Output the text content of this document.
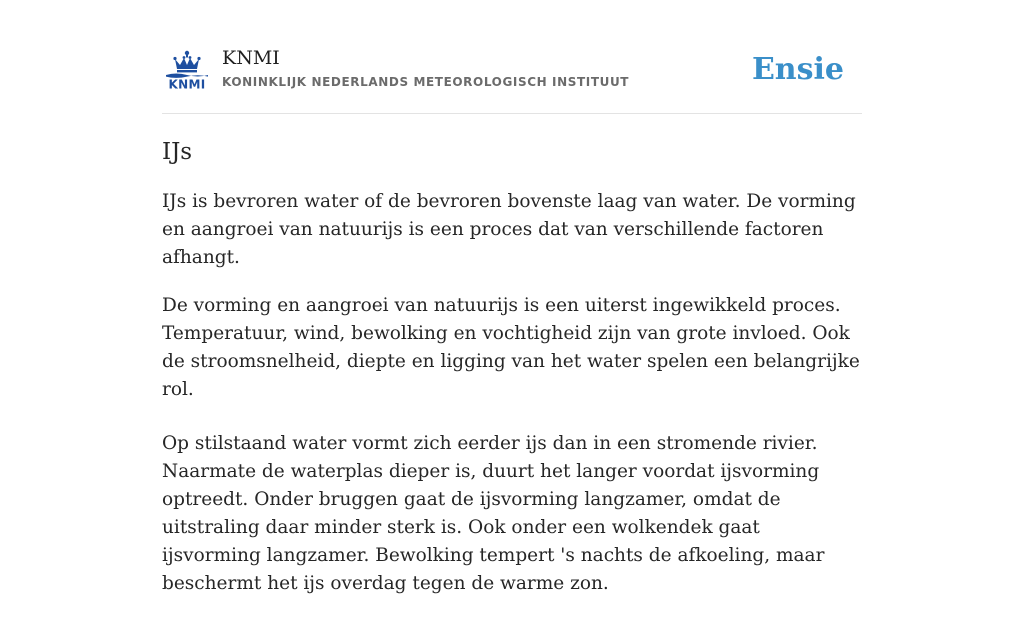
KNMI
KNMI
KONINKLIJK NEDERLANDS METEOROLOGISCH INSTITUUT	Ensie
IJs

IJs is bevroren water of de bevroren bovenste laag van water. De vorming en aangroei van natuurijs is een proces dat van verschillende factoren afhangt.

De vorming en aangroei van natuurijs is een uiterst ingewikkeld proces. Temperatuur, wind, bewolking en vochtigheid zijn van grote invloed. Ook de stroomsnelheid, diepte en ligging van het water spelen een belangrijke rol.

Op stilstaand water vormt zich eerder ijs dan in een stromende rivier. Naarmate de waterplas dieper is, duurt het langer voordat ijsvorming optreedt. Onder bruggen gaat de ijsvorming langzamer, omdat de uitstraling daar minder sterk is. Ook onder een wolkendek gaat ijsvorming langzamer. Bewolking tempert 's nachts de afkoeling, maar beschermt het ijs overdag tegen de warme zon.
